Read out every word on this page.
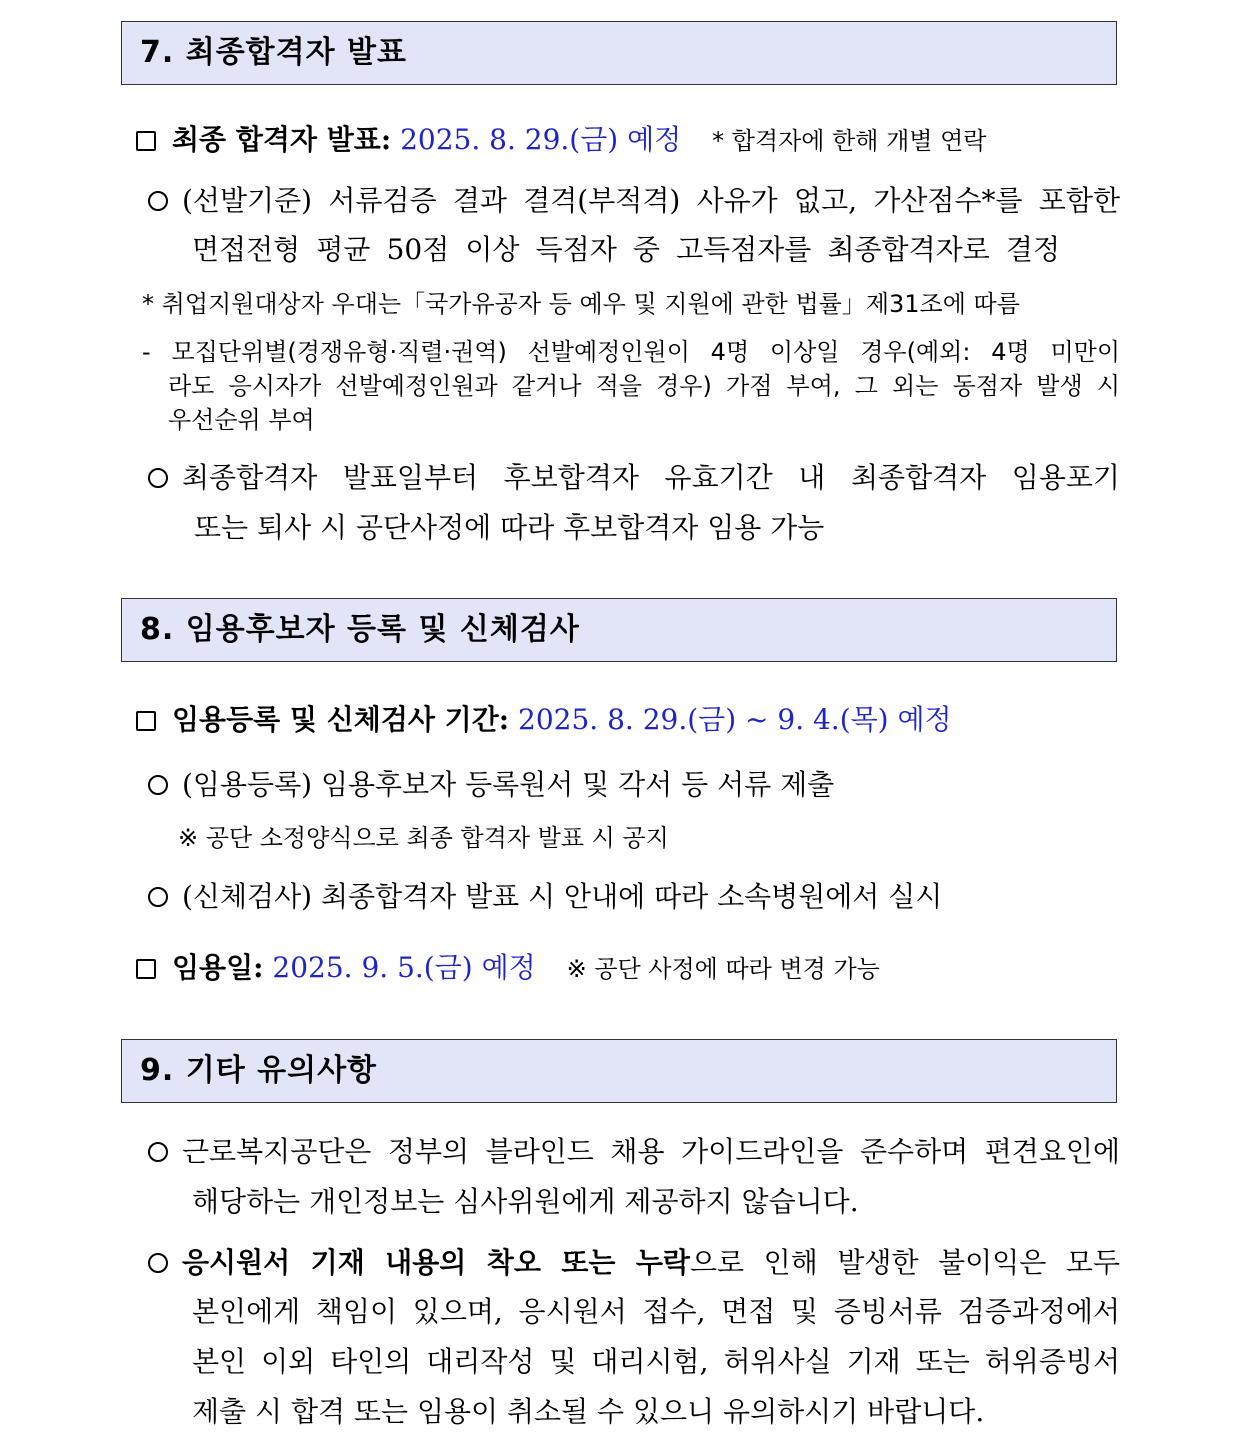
7. 최종합격자 발표
최종 합격자 발표: 2025. 8. 29.(금) 예정 * 합격자에 한해 개별 연락
(선발기준) 서류검증 결과 결격(부적격) 사유가 없고, 가산점수*를 포함한
면접전형 평균 50점 이상 득점자 중 고득점자를 최종합격자로 결정
* 취업지원대상자 우대는「국가유공자 등 예우 및 지원에 관한 법률」제31조에 따름
- 모집단위별(경쟁유형·직렬·권역) 선발예정인원이 4명 이상일 경우(예외: 4명 미만이
라도 응시자가 선발예정인원과 같거나 적을 경우) 가점 부여, 그 외는 동점자 발생 시
우선순위 부여
최종합격자 발표일부터 후보합격자 유효기간 내 최종합격자 임용포기
또는 퇴사 시 공단사정에 따라 후보합격자 임용 가능
8. 임용후보자 등록 및 신체검사
임용등록 및 신체검사 기간: 2025. 8. 29.(금) ~ 9. 4.(목) 예정
(임용등록) 임용후보자 등록원서 및 각서 등 서류 제출
※ 공단 소정양식으로 최종 합격자 발표 시 공지
(신체검사) 최종합격자 발표 시 안내에 따라 소속병원에서 실시
임용일: 2025. 9. 5.(금) 예정 ※ 공단 사정에 따라 변경 가능
9. 기타 유의사항
근로복지공단은 정부의 블라인드 채용 가이드라인을 준수하며 편견요인에
해당하는 개인정보는 심사위원에게 제공하지 않습니다.
응시원서 기재 내용의 착오 또는 누락으로 인해 발생한 불이익은 모두
본인에게 책임이 있으며, 응시원서 접수, 면접 및 증빙서류 검증과정에서
본인 이외 타인의 대리작성 및 대리시험, 허위사실 기재 또는 허위증빙서
제출 시 합격 또는 임용이 취소될 수 있으니 유의하시기 바랍니다.
